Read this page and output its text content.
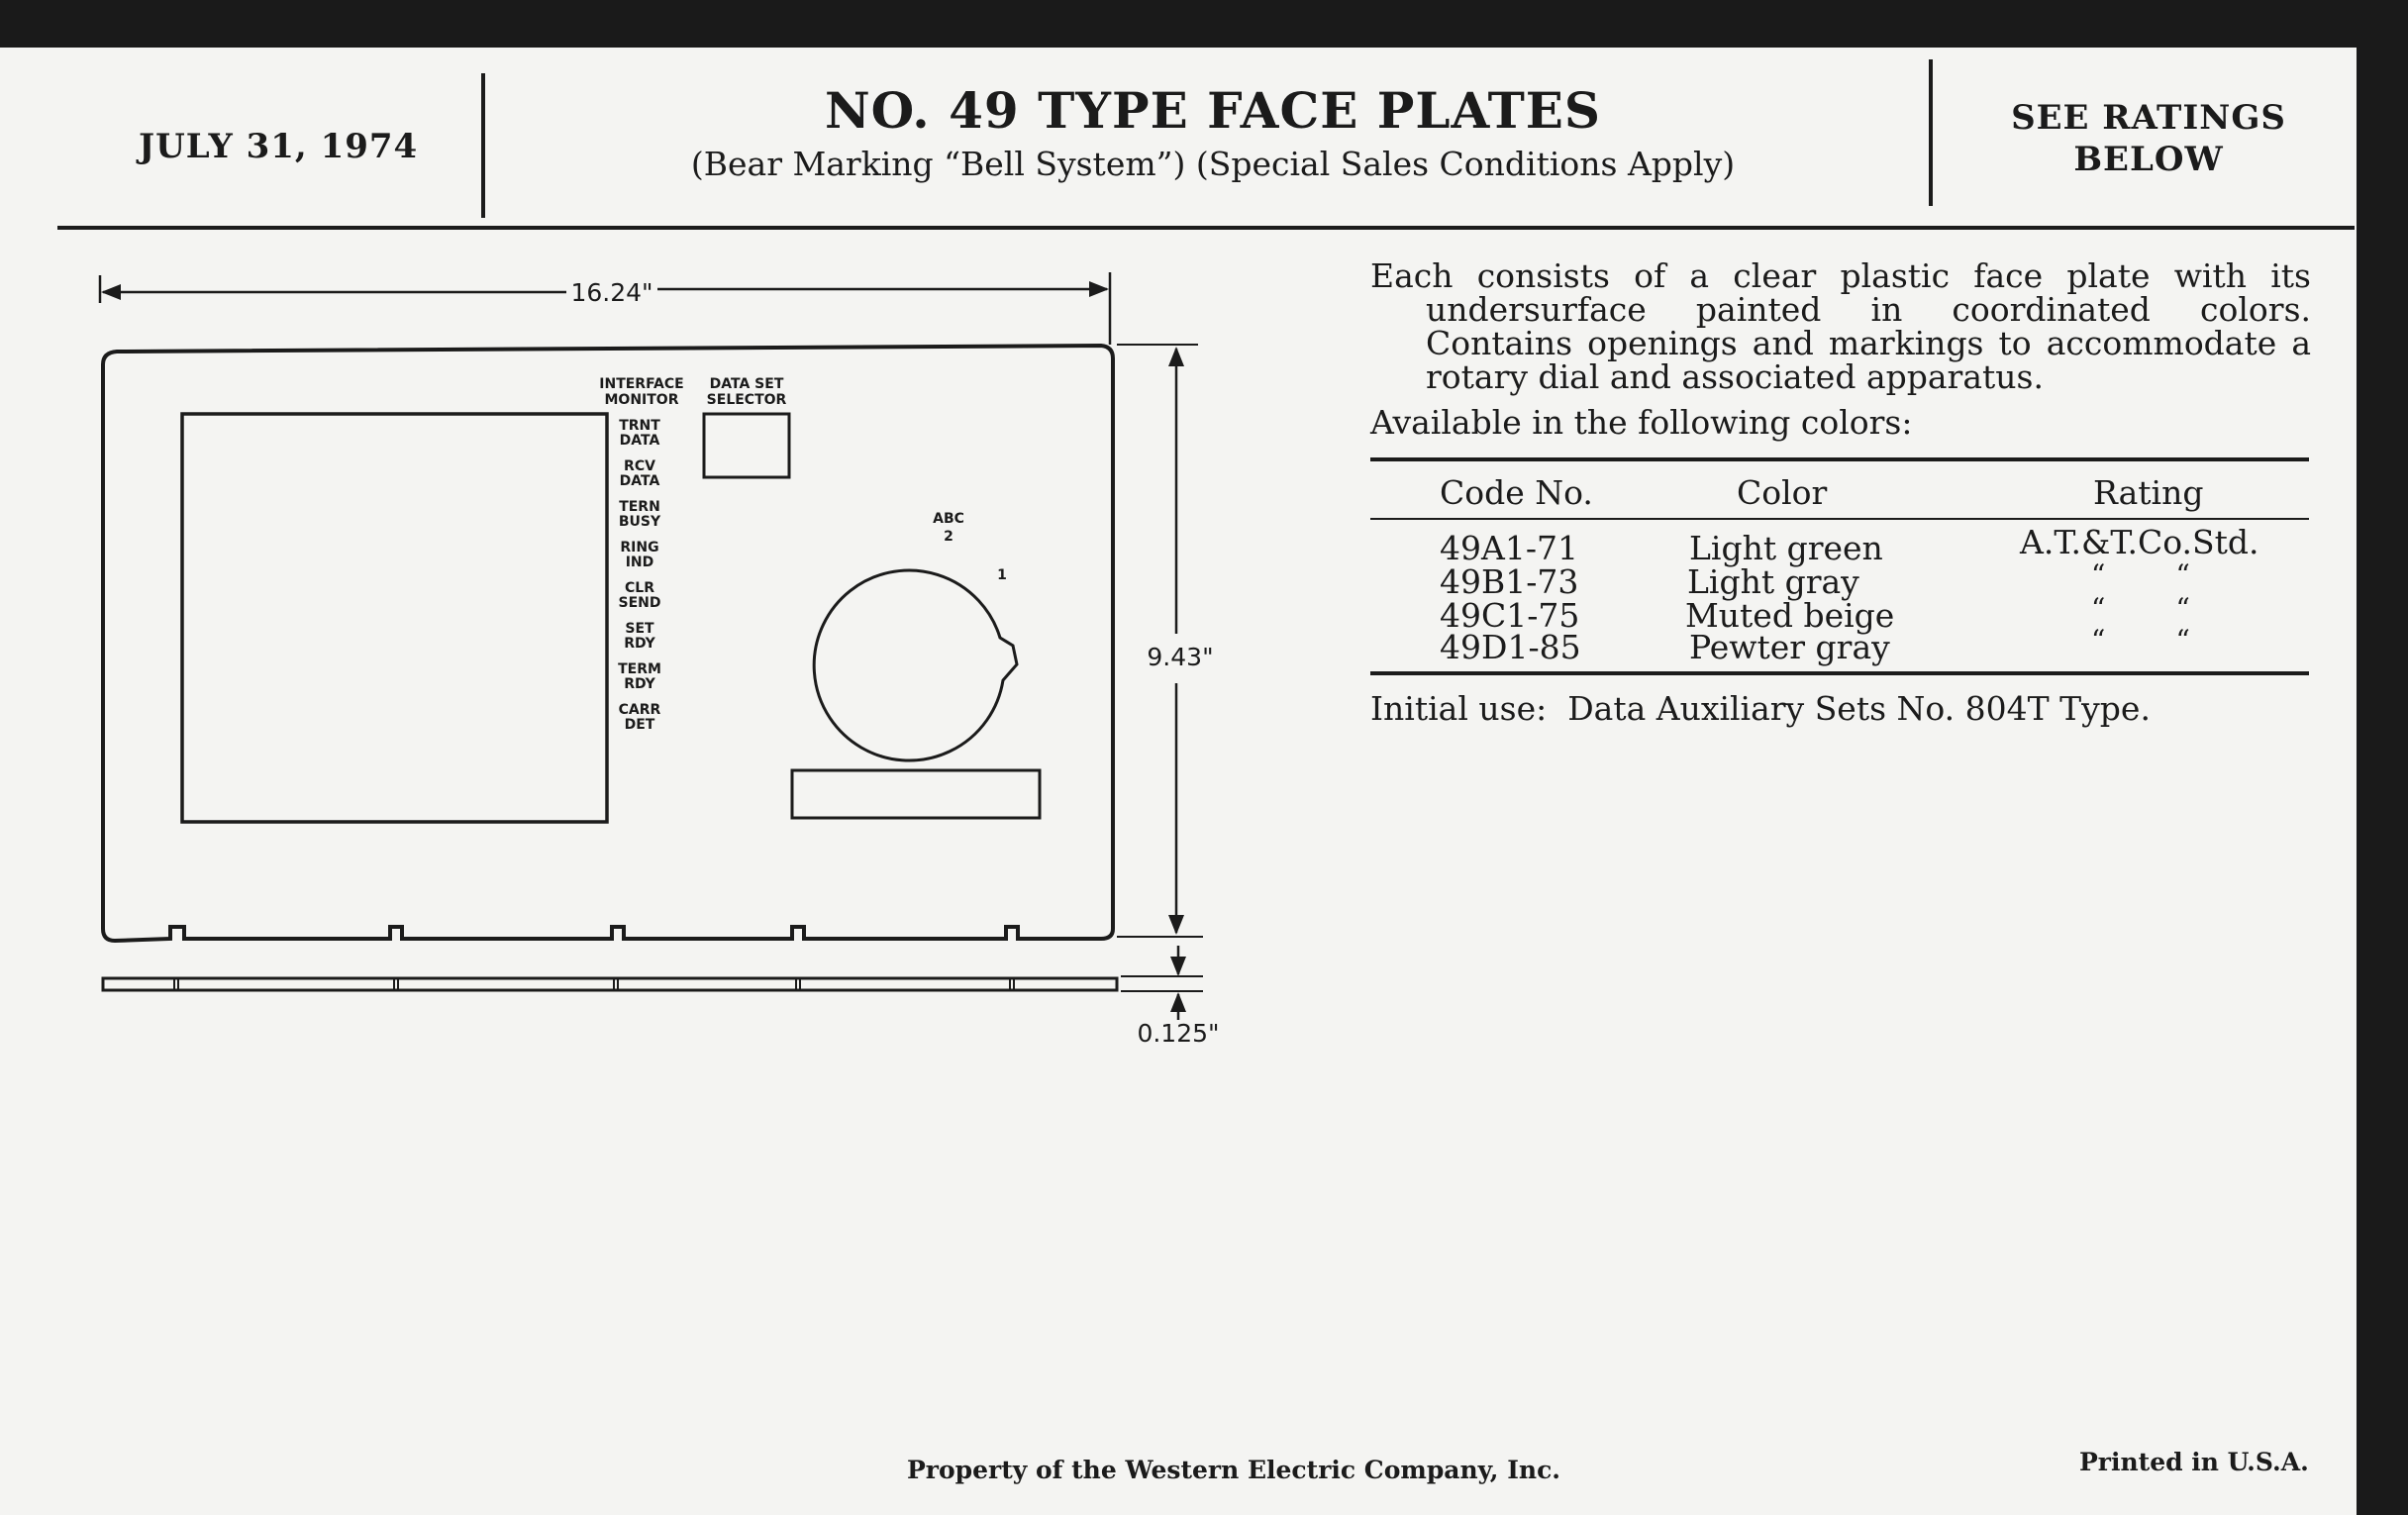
JULY 31, 1974
NO. 49 TYPE FACE PLATES
(Bear Marking “Bell System”) (Special Sales Conditions Apply)
SEE RATINGS
BELOW
16.24"
INTERFACE
MONITOR
TRNT
DATA
RCV
DATA
TERN
BUSY
RING
IND
CLR
SEND
SET
RDY
TERM
RDY
CARR
DET
DATA SET
SELECTOR
ABC
2
1
9.43"
0.125"
Each consists of a clear plastic face plate with its undersurface painted in coordinated colors. Contains openings and markings to accommodate a rotary dial and associated apparatus.
Available in the following colors:
Code No.	Color	Rating
49A1-71	Light green	A.T.&T.Co.Std.
49B1-73	Light gray	“        “
49C1-75	Muted beige	“        “
49D1-85	Pewter gray	“        “
Initial use:  Data Auxiliary Sets No. 804T Type.
Property of the Western Electric Company, Inc.	Printed in U.S.A.
